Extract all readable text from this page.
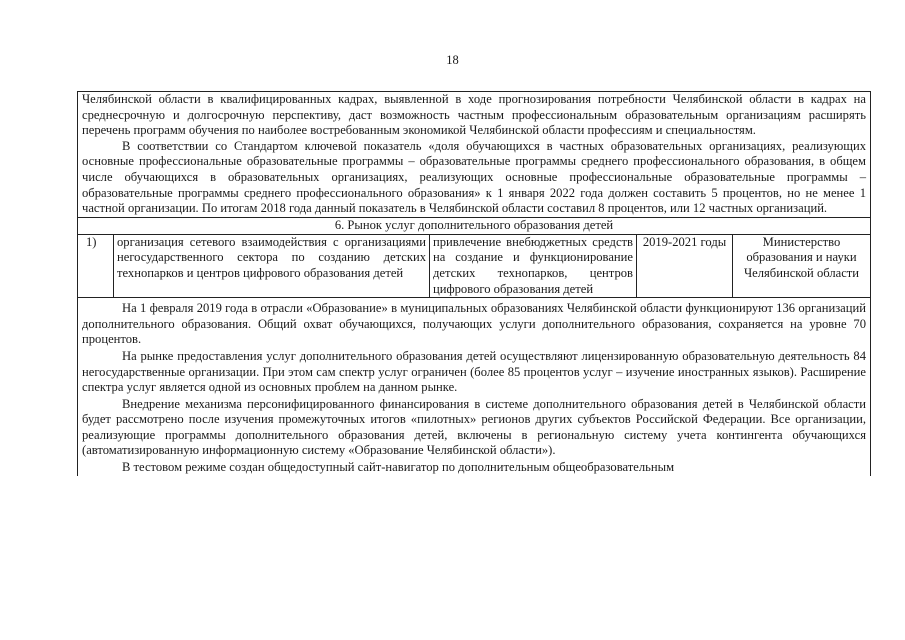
18

Челябинской области в квалифицированных кадрах, выявленной в ходе прогнозирования потребности Челябинской области в кадрах на среднесрочную и долгосрочную перспективу, даст возможность частным профессиональным образовательным организациям расширять перечень программ обучения по наиболее востребованным экономикой Челябинской области профессиям и специальностям.

В соответствии со Стандартом ключевой показатель «доля обучающихся в частных образовательных организациях, реализующих основные профессиональные образовательные программы – образовательные программы среднего профессионального образования, в общем числе обучающихся в образовательных организациях, реализующих основные профессиональные образовательные программы – образовательные программы среднего профессионального образования» к 1 января 2022 года должен составить 5 процентов, но не менее 1 частной организации. По итогам 2018 года данный показатель в Челябинской области составил 8 процентов, или 12 частных организаций.

6. Рынок услуг дополнительного образования детей
1)	организация сетевого взаимодействия с организациями негосударственного сектора по созданию детских технопарков и центров цифрового образования детей
привлечение внебюджетных средств на создание и функционирование детских технопарков, центров цифрового образования детей
2019-2021 годы	Министерство образования и науки Челябинской области

На 1 февраля 2019 года в отрасли «Образование» в муниципальных образованиях Челябинской области функционируют 136 организаций дополнительного образования. Общий охват обучающихся, получающих услуги дополнительного образования, сохраняется на уровне 70 процентов.

На рынке предоставления услуг дополнительного образования детей осуществляют лицензированную образовательную деятельность 84 негосударственные организации. При этом сам спектр услуг ограничен (более 85 процентов услуг – изучение иностранных языков). Расширение спектра услуг является одной из основных проблем на данном рынке.

Внедрение механизма персонифицированного финансирования в системе дополнительного образования детей в Челябинской области будет рассмотрено после изучения промежуточных итогов «пилотных» регионов других субъектов Российской Федерации. Все организации, реализующие программы дополнительного образования детей, включены в региональную систему учета контингента обучающихся (автоматизированную информационную систему «Образование Челябинской области»).

В тестовом режиме создан общедоступный сайт-навигатор по дополнительным общеобразовательным
